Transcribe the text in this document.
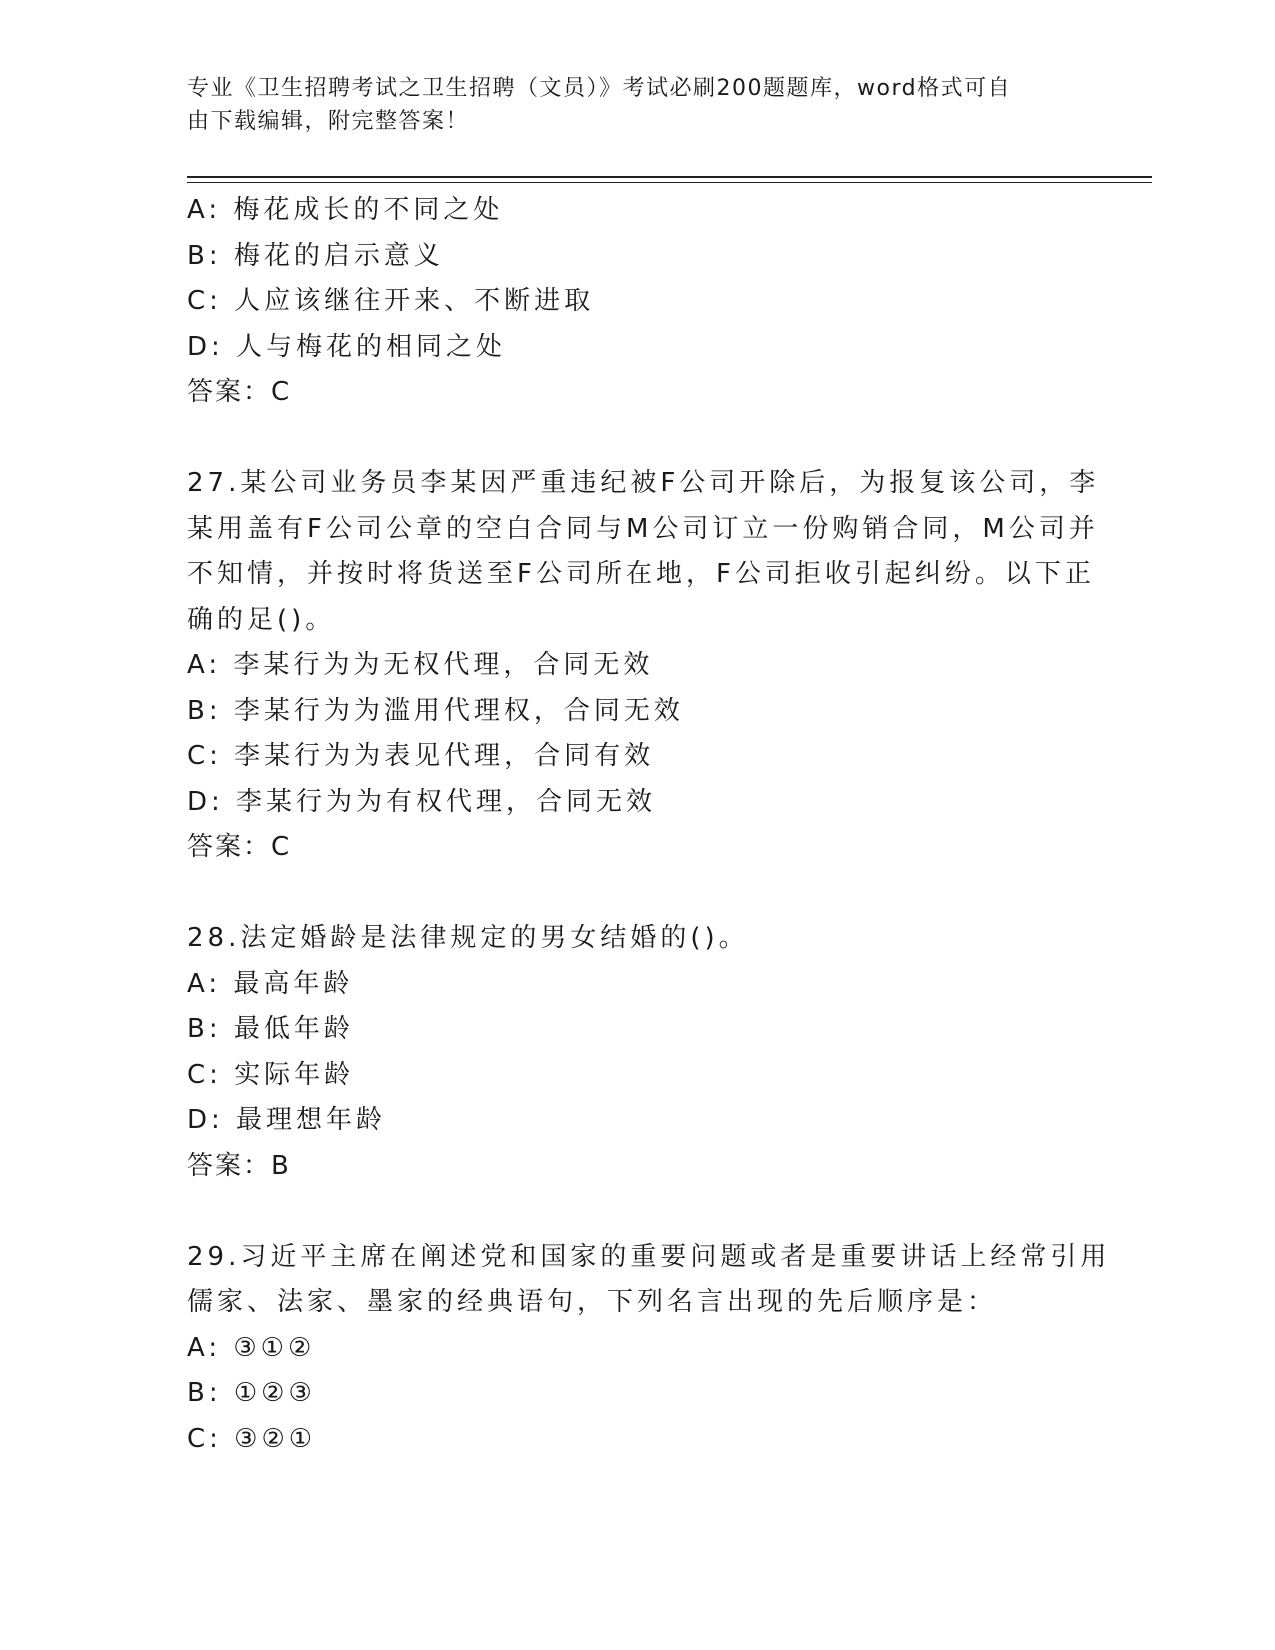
专业《卫生招聘考试之卫生招聘（文员）》考试必刷200题题库，word格式可自
由下载编辑，附完整答案！
A: 梅花成长的不同之处
B: 梅花的启示意义
C: 人应该继往开来、不断进取
D: 人与梅花的相同之处
答案：C
27.某公司业务员李某因严重违纪被F公司开除后，为报复该公司，李
某用盖有F公司公章的空白合同与M公司订立一份购销合同，M公司并
不知情，并按时将货送至F公司所在地，F公司拒收引起纠纷。以下正
确的足()。
A: 李某行为为无权代理，合同无效
B: 李某行为为滥用代理权，合同无效
C: 李某行为为表见代理，合同有效
D: 李某行为为有权代理，合同无效
答案：C
28.法定婚龄是法律规定的男女结婚的()。
A: 最高年龄
B: 最低年龄
C: 实际年龄
D: 最理想年龄
答案：B
29.习近平主席在阐述党和国家的重要问题或者是重要讲话上经常引用
儒家、法家、墨家的经典语句，下列名言出现的先后顺序是：
A: ③①②
B: ①②③
C: ③②①
